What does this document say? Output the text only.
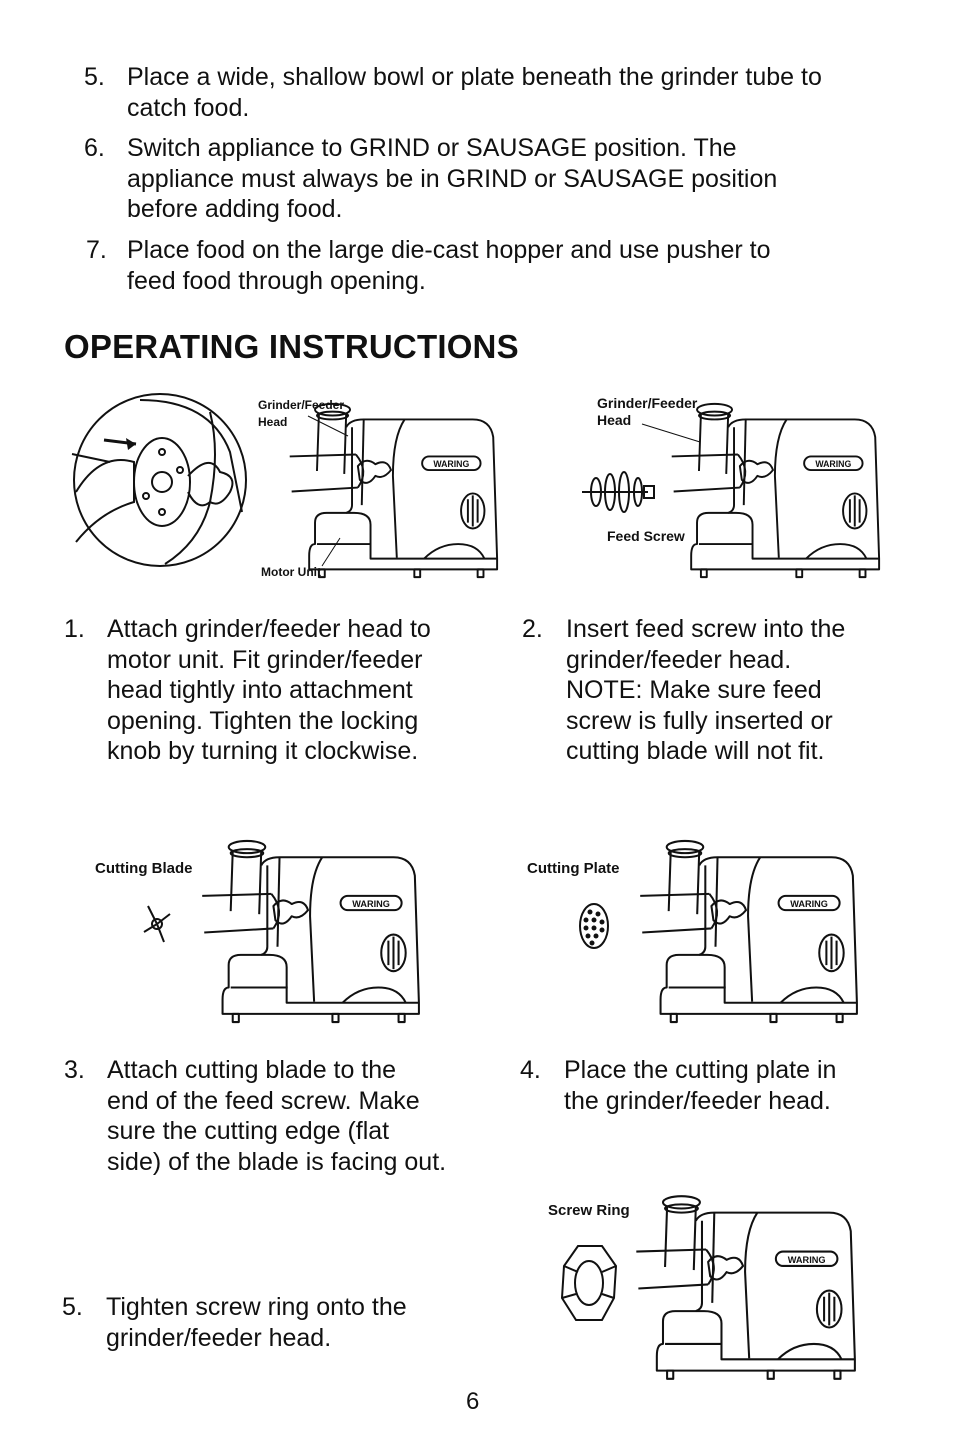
5. Place a wide, shallow bowl or plate beneath the grinder tube to
catch food.
6. Switch appliance to GRIND or SAUSAGE position. The
appliance must always be in GRIND or SAUSAGE position
before adding food.
7. Place food on the large die-cast hopper and use pusher to
feed food through opening.
OPERATING INSTRUCTIONS
Grinder/Feeder
Head
Motor Unit
Grinder/Feeder
Head
Feed Screw
1. Attach grinder/feeder head to
motor unit. Fit grinder/feeder
head tightly into attachment
opening. Tighten the locking
knob by turning it clockwise.
2. Insert feed screw into the
grinder/feeder head.
NOTE: Make sure feed
screw is fully inserted or
cutting blade will not fit.
Cutting Blade	Cutting Plate
3. Attach cutting blade to the
end of the feed screw. Make
sure the cutting edge (flat
side) of the blade is facing out.
4. Place the cutting plate in
the grinder/feeder head.
Screw Ring
5. Tighten screw ring onto the
grinder/feeder head.
6
